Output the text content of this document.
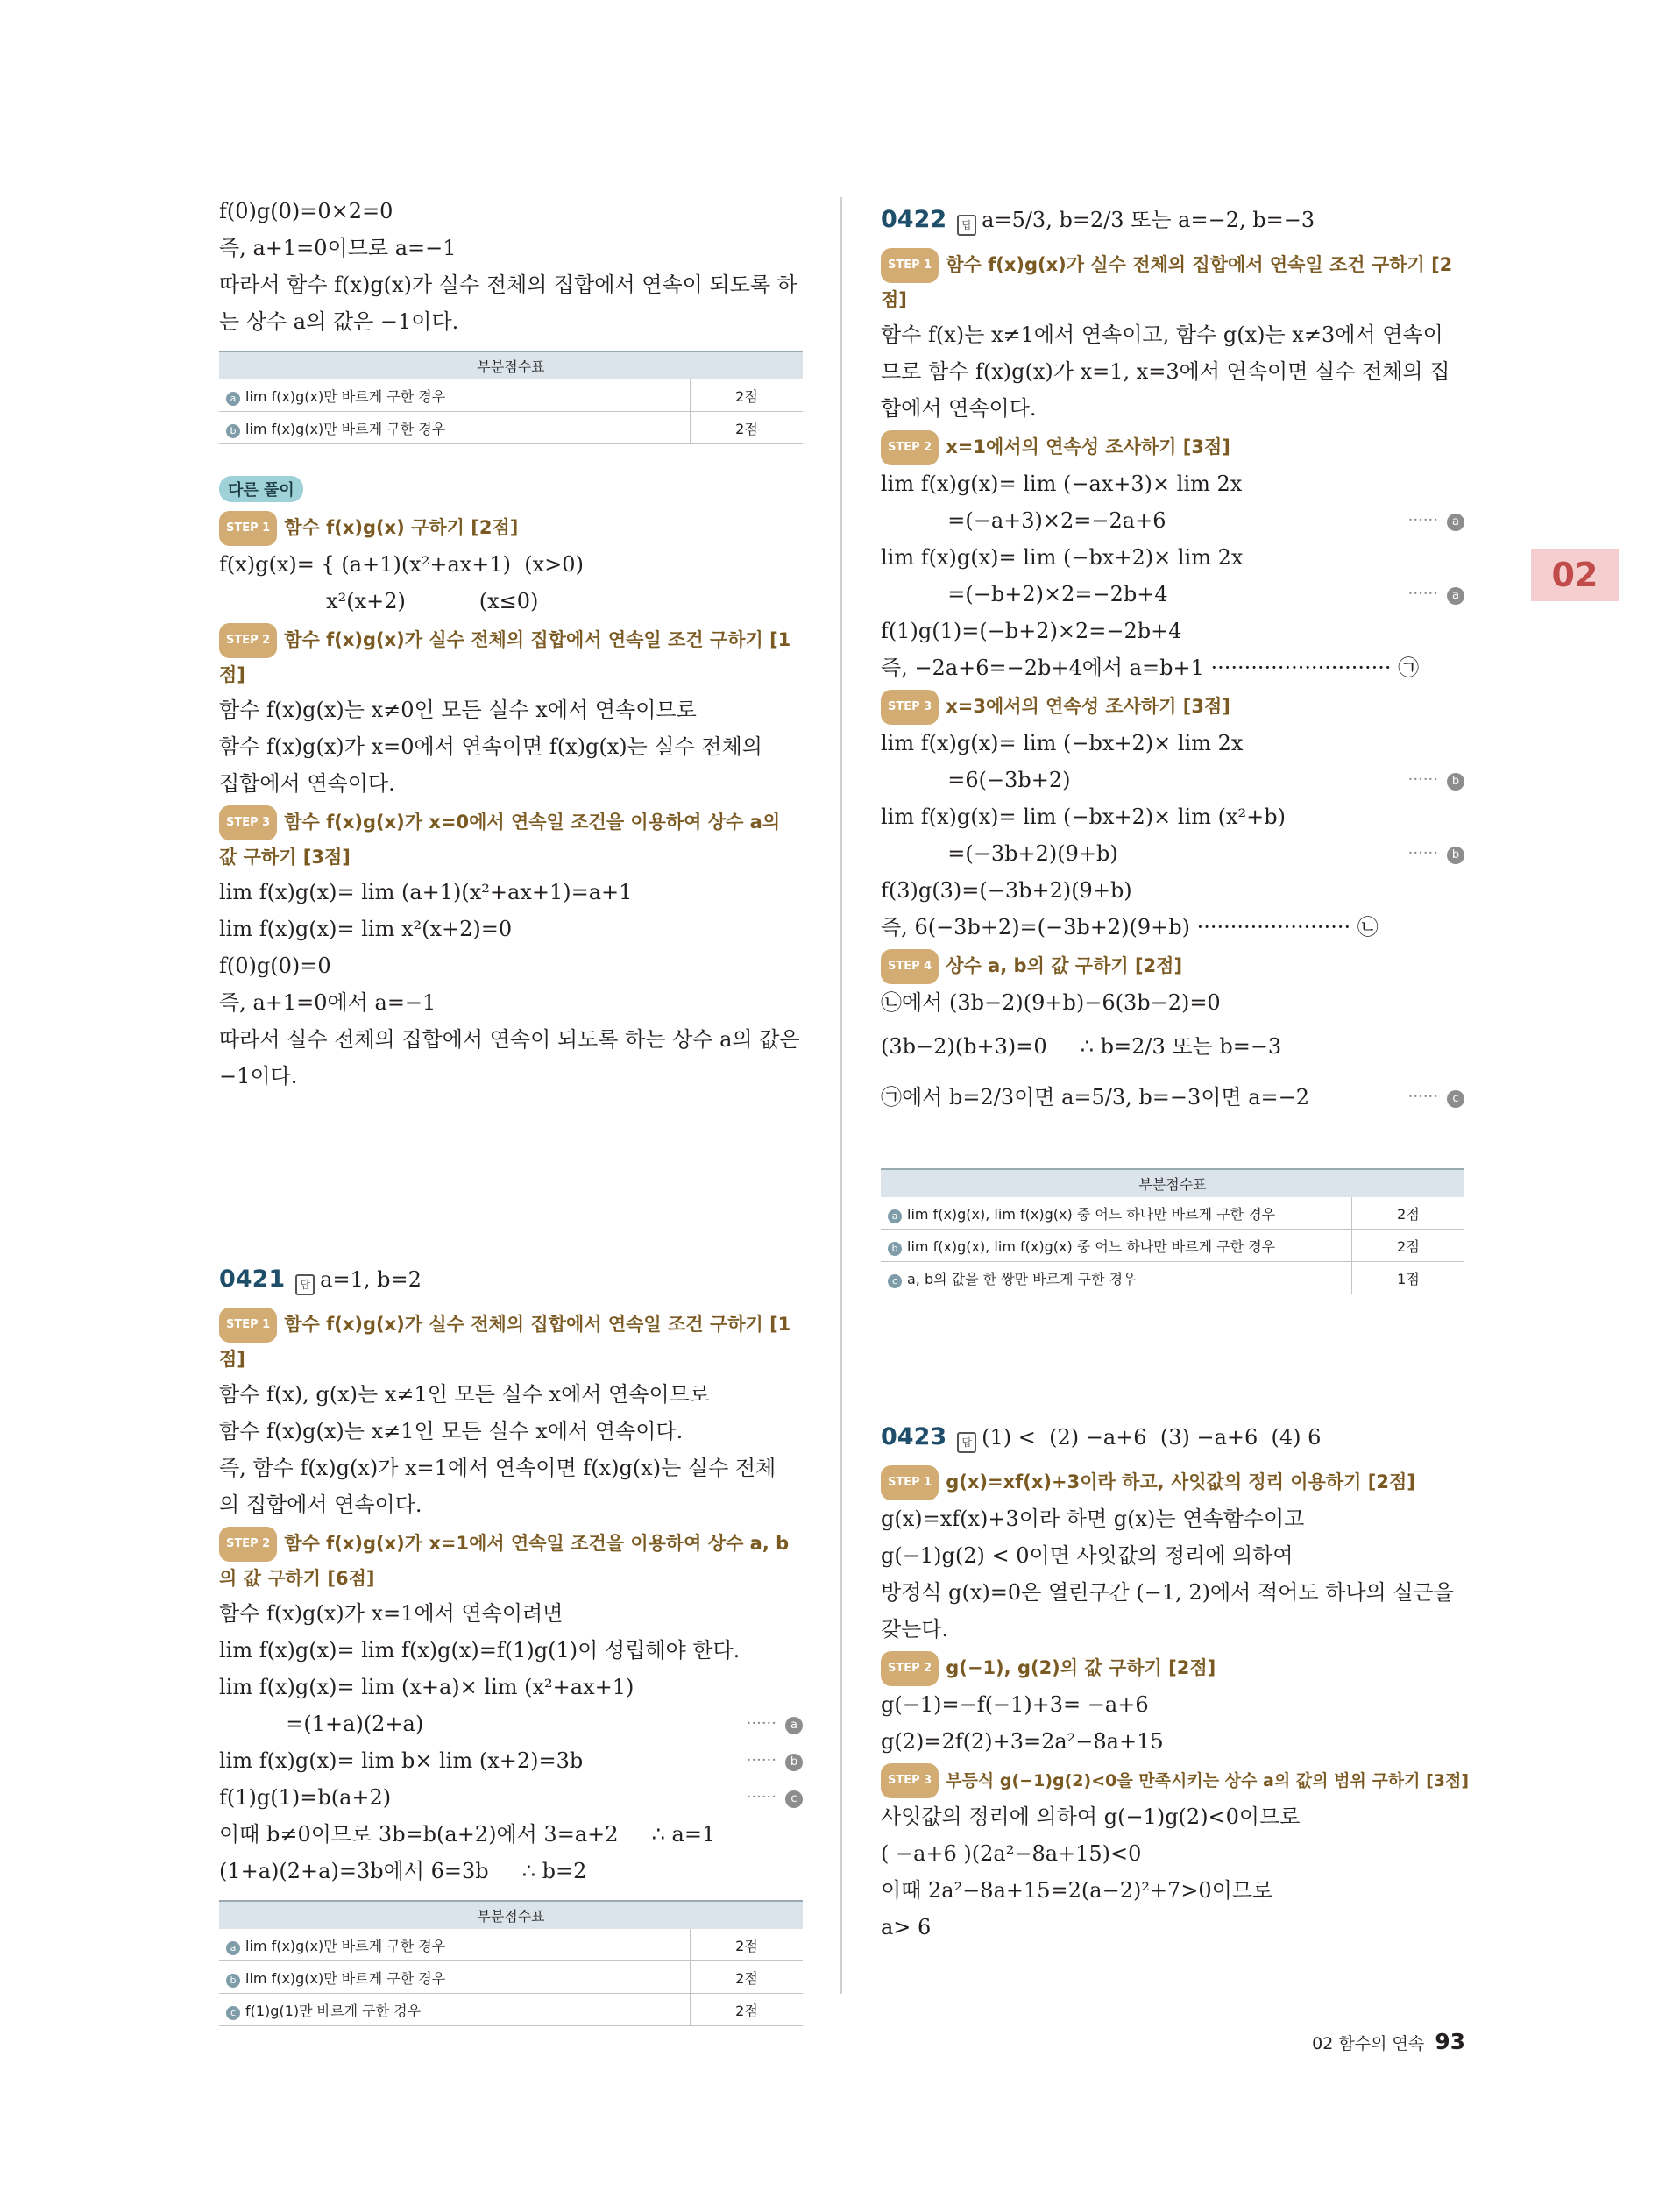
02
f(0)g(0)=0×2=0
즉, a+1=0이므로 a=−1
따라서 함수 f(x)g(x)가 실수 전체의 집합에서 연속이 되도록 하
는 상수 a의 값은 −1이다.
부분점수표	
a lim f(x)g(x)만 바르게 구한 경우	2점
b lim f(x)g(x)만 바르게 구한 경우	2점
다른 풀이
STEP 1 함수 f(x)g(x) 구하기 [2점]
f(x)g(x)= { (a+1)(x²+ax+1)  (x>0)
x²(x+2)           (x≤0)
STEP 2 함수 f(x)g(x)가 실수 전체의 집합에서 연속일 조건 구하기 [1점]
함수 f(x)g(x)는 x≠0인 모든 실수 x에서 연속이므로
함수 f(x)g(x)가 x=0에서 연속이면 f(x)g(x)는 실수 전체의
집합에서 연속이다.
STEP 3 함수 f(x)g(x)가 x=0에서 연속일 조건을 이용하여 상수 a의 값 구하기 [3점]
lim f(x)g(x)= lim (a+1)(x²+ax+1)=a+1
lim f(x)g(x)= lim x²(x+2)=0
f(0)g(0)=0
즉, a+1=0에서 a=−1
따라서 실수 전체의 집합에서 연속이 되도록 하는 상수 a의 값은
−1이다.
0421 답 a=1, b=2
STEP 1 함수 f(x)g(x)가 실수 전체의 집합에서 연속일 조건 구하기 [1점]
함수 f(x), g(x)는 x≠1인 모든 실수 x에서 연속이므로
함수 f(x)g(x)는 x≠1인 모든 실수 x에서 연속이다.
즉, 함수 f(x)g(x)가 x=1에서 연속이면 f(x)g(x)는 실수 전체
의 집합에서 연속이다.
STEP 2 함수 f(x)g(x)가 x=1에서 연속일 조건을 이용하여 상수 a, b의 값 구하기 [6점]
함수 f(x)g(x)가 x=1에서 연속이려면
lim f(x)g(x)= lim f(x)g(x)=f(1)g(1)이 성립해야 한다.
lim f(x)g(x)= lim (x+a)× lim (x²+ax+1)
=(1+a)(2+a)	······ a
lim f(x)g(x)= lim b× lim (x+2)=3b	······ b
f(1)g(1)=b(a+2)	······ c
이때 b≠0이므로 3b=b(a+2)에서 3=a+2     ∴ a=1
(1+a)(2+a)=3b에서 6=3b     ∴ b=2
부분점수표	
a lim f(x)g(x)만 바르게 구한 경우	2점
b lim f(x)g(x)만 바르게 구한 경우	2점
c f(1)g(1)만 바르게 구한 경우	2점
0422 답 a=5/3, b=2/3 또는 a=−2, b=−3
STEP 1 함수 f(x)g(x)가 실수 전체의 집합에서 연속일 조건 구하기 [2점]
함수 f(x)는 x≠1에서 연속이고, 함수 g(x)는 x≠3에서 연속이
므로 함수 f(x)g(x)가 x=1, x=3에서 연속이면 실수 전체의 집
합에서 연속이다.
STEP 2 x=1에서의 연속성 조사하기 [3점]
lim f(x)g(x)= lim (−ax+3)× lim 2x
=(−a+3)×2=−2a+6	······ a
lim f(x)g(x)= lim (−bx+2)× lim 2x
=(−b+2)×2=−2b+4	······ a
f(1)g(1)=(−b+2)×2=−2b+4
즉, −2a+6=−2b+4에서 a=b+1 ··························· ㉠
STEP 3 x=3에서의 연속성 조사하기 [3점]
lim f(x)g(x)= lim (−bx+2)× lim 2x
=6(−3b+2)	······ b
lim f(x)g(x)= lim (−bx+2)× lim (x²+b)
=(−3b+2)(9+b)	······ b
f(3)g(3)=(−3b+2)(9+b)
즉, 6(−3b+2)=(−3b+2)(9+b) ······················· ㉡
STEP 4 상수 a, b의 값 구하기 [2점]
㉡에서 (3b−2)(9+b)−6(3b−2)=0
(3b−2)(b+3)=0     ∴ b=2/3 또는 b=−3
㉠에서 b=2/3이면 a=5/3, b=−3이면 a=−2	······ c
부분점수표	
a lim f(x)g(x), lim f(x)g(x) 중 어느 하나만 바르게 구한 경우	2점
b lim f(x)g(x), lim f(x)g(x) 중 어느 하나만 바르게 구한 경우	2점
c a, b의 값을 한 쌍만 바르게 구한 경우	1점
0423 답 (1) <  (2) −a+6  (3) −a+6  (4) 6
STEP 1 g(x)=xf(x)+3이라 하고, 사잇값의 정리 이용하기 [2점]
g(x)=xf(x)+3이라 하면 g(x)는 연속함수이고
g(−1)g(2) < 0이면 사잇값의 정리에 의하여
방정식 g(x)=0은 열린구간 (−1, 2)에서 적어도 하나의 실근을
갖는다.
STEP 2 g(−1), g(2)의 값 구하기 [2점]
g(−1)=−f(−1)+3= −a+6
g(2)=2f(2)+3=2a²−8a+15
STEP 3 부등식 g(−1)g(2)<0을 만족시키는 상수 a의 값의 범위 구하기 [3점]
사잇값의 정리에 의하여 g(−1)g(2)<0이므로
( −a+6 )(2a²−8a+15)<0
이때 2a²−8a+15=2(a−2)²+7>0이므로
a> 6
02 함수의 연속 93
